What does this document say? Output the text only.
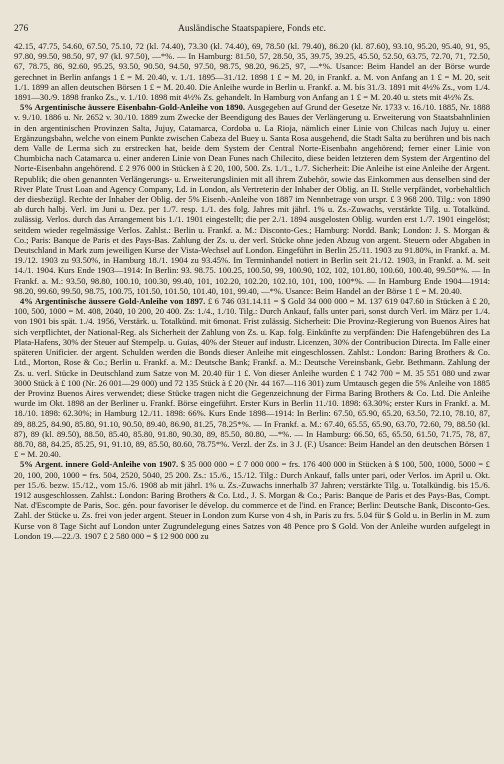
276	Ausländische Staatspapiere, Fonds etc.

42.15, 47.75, 54.60, 67.50, 75.10, 72 (kl. 74.40), 73.30 (kl. 74.40), 69, 78.50 (kl. 79.40), 86.20 (kl. 87.60), 93.10, 95.20, 95.40, 91, 95, 97.80, 99.50, 98.50, 97, 97 (kl. 97.50), —*%. — In Hamburg: 81.50, 57, 28.50, 35, 39.75, 39.25, 45.50, 52.50, 63.75, 72.70, 71, 72.50, 67, 78.75, 86, 92.60, 95.25, 93.50, 90.50, 94.50, 97.50, 98.75, 98.20, 96.25, 97, —*%. Usance: Beim Handel an der Börse wurde gerechnet in Berlin anfangs 1 £ = M. 20.40, v. 1./1. 1895—31./12. 1898 1 £ = M. 20, in Frankf. a. M. von Anfang an 1 £ = M. 20, seit 1./1. 1899 an allen deutschen Börsen 1 £ = M. 20.40. Die Anleihe wurde in Berlin u. Frankf. a. M. bis 31./3. 1891 mit 4½% Zs., vom 1./4. 1891—30./9. 1898 franko Zs., v. 1./10. 1898 mit 4½% Zs. gehandelt. In Hamburg von Anfang an 1 £ = M. 20.40 u. stets mit 4½% Zs.

5% Argentinische äussere Eisenbahn-Gold-Anleihe von 1890. Ausgegeben auf Grund der Gesetze Nr. 1733 v. 16./10. 1885, Nr. 1888 v. 9./10. 1886 u. Nr. 2652 v. 30./10. 1889 zum Zwecke der Beendigung des Baues der Verlängerung u. Erweiterung von Staatsbahnlinien in den argentinischen Provinzen Salta, Jujuy, Catamarca, Cordoba u. La Rioja, nämlich einer Linie von Chilcas nach Jujuy u. einer Ergänzungsbahn, welche von einem Punkte zwischen Cabeza del Buey u. Santa Rosa ausgehend, die Stadt Salta zu berühren und bis nach dem Valle de Lerma sich zu erstrecken hat, beide dem System der Central Norte-Eisenbahn angehörend; ferner einer Linie von Chumbicha nach Catamarca u. einer anderen Linie von Dean Funes nach Chilecito, diese beiden letzteren dem System der Argentino del Norte-Eisenbahn angehörend. £ 2 976 000 in Stücken à £ 20, 100, 500. Zs. 1./1., 1./7. Sicherheit: Die Anleihe ist eine Anleihe der Argent. Republik; die oben genannten Verlängerungs- u. Erweiterungslinien mit all ihrem Zubehör, sowie das Einkommen aus denselben sind der River Plate Trust Loan and Agency Company, Ld. in London, als Vertreterin der Inhaber der Oblig. an II. Stelle verpfändet, vorbehaltlich der diesbezügl. Rechte der Inhaber der Oblig. der 5% Eisenb.-Anleihe von 1887 im Nennbetrage von urspr. £ 3 968 200. Tilg.: von 1890 ab durch halbj. Verl. im Juni u. Dez. per 1./7. resp. 1./1. des folg. Jahres mit jährl. 1% u. Zs.-Zuwachs, verstärkte Tilg. u. Totalkünd. zulässig. Verlos. durch das Arrangement bis 1./1. 1901 eingestellt; die per 2./1. 1894 ausgelosten Oblig. wurden erst 1./7. 1901 eingelöst; seitdem wieder regelmässige Verlos. Zahlst.: Berlin u. Frankf. a. M.: Disconto-Ges.; Hamburg: Nordd. Bank; London: J. S. Morgan & Co.; Paris: Banque de Paris et des Pays-Bas. Zahlung der Zs. u. der verl. Stücke ohne jeden Abzug von argent. Steuern oder Abgaben in Deutschland in Mark zum jeweiligen Kurse der Vista-Wechsel auf London. Eingeführt in Berlin 25./11. 1903 zu 91.80%, in Frankf. a. M. 19./12. 1903 zu 93.50%, in Hamburg 18./1. 1904 zu 93.45%. Im Terminhandel notiert in Berlin seit 21./12. 1903, in Frankf. a. M. seit 14./1. 1904. Kurs Ende 1903—1914: In Berlin: 93. 98.75. 100.25, 100.50, 99, 100.90, 102, 102, 101.80, 100.60, 100.40, 99.50*%. — In Frankf. a. M.: 93.50, 98.80, 100.10, 100.30, 99.40, 101, 102.20, 102.20, 102.10, 101, 100, 100*%. — In Hamburg Ende 1904—1914: 98.20, 99.60, 99.50, 98.75, 100.75, 101.50, 101.50, 101.40, 101, 99.40, —*%. Usance: Beim Handel an der Börse 1 £ = M. 20.40.

4% Argentinische äussere Gold-Anleihe von 1897. £ 6 746 031.14.11 = $ Gold 34 000 000 = M. 137 619 047.60 in Stücken à £ 20, 100, 500, 1000 = M. 408, 2040, 10 200, 20 400. Zs: 1./4., 1./10. Tilg.: Durch Ankauf, falls unter pari, sonst durch Verl. im März per 1./4. von 1901 bis spät. 1./4. 1956, Verstärk. u. Totalkünd. mit 6monat. Frist zulässig. Sicherheit: Die Provinz-Regierung von Buenos Aires hat sich verpflichtet, der National-Reg. als Sicherheit der Zahlung von Zs. u. Kap. folg. Einkünfte zu verpfänden: Die Hafengebühren des La Plata-Hafens, 30% der Steuer auf Stempelp. u. Guias, 40% der Steuer auf industr. Licenzen, 30% der Contribucion Directa. Im Falle einer späteren Unificier. der argent. Schulden werden die Bonds dieser Anleihe mit eingeschlossen. Zahlst.: London: Baring Brothers & Co. Ltd., Morton, Rose & Co.; Berlin u. Frankf. a. M.: Deutsche Bank; Frankf. a. M.: Deutsche Vereinsbank, Gebr. Bethmann. Zahlung der Zs. u. verl. Stücke in Deutschland zum Satze von M. 20.40 für 1 £. Von dieser Anleihe wurden £ 1 742 700 = M. 35 551 080 und zwar 3000 Stück à £ 100 (Nr. 26 001—29 000) und 72 135 Stück à £ 20 (Nr. 44 167—116 301) zum Umtausch gegen die 5% Anleihe von 1885 der Provinz Buenos Aires verwendet; diese Stücke tragen nicht die Gegenzeichnung der Firma Baring Brothers & Co. Ltd. Die Anleihe wurde im Okt. 1898 an der Berliner u. Frankf. Börse eingeführt. Erster Kurs in Berlin 11./10. 1898: 63.30%; erster Kurs in Frankf. a. M. 18./10. 1898: 62.30%; in Hamburg 12./11. 1898: 66%. Kurs Ende 1898—1914: In Berlin: 67.50, 65.90, 65.20, 63.50, 72.10, 78.10, 87, 89, 88.25, 84.90, 85.80, 91.10, 90.50, 89.40, 86.90, 81.25, 78.25*%. — In Frankf. a. M.: 67.40, 65.55, 65.90, 63.70, 72.60, 79, 88.50 (kl. 87), 89 (kl. 89.50), 88.50, 85.40, 85.80, 91.80, 90.30, 89, 85.50, 80.80, —*%. — In Hamburg: 66.50, 65, 65.50, 61.50, 71.75, 78, 87, 88.70, 88, 84.25, 85.25, 91, 91.10, 89, 85.50, 80.60, 78.75*%. Verzl. der Zs. in 3 J. (F.) Usance: Beim Handel an den deutschen Börsen 1 £ = M. 20.40.

5% Argent. innere Gold-Anleihe von 1907. $ 35 000 000 = £ 7 000 000 = frs. 176 400 000 in Stücken à $ 100, 500, 1000, 5000 = £ 20, 100, 200, 1000 = frs. 504, 2520, 5040, 25 200. Zs.: 15./6., 15./12. Tilg.: Durch Ankauf, falls unter pari, oder Verlos. im April u. Okt. per 15./6. bezw. 15./12., vom 15./6. 1908 ab mit jährl. 1% u. Zs.-Zuwachs innerhalb 37 Jahren; verstärkte Tilg. u. Totalkündig. bis 15./6. 1912 ausgeschlossen. Zahlst.: London: Baring Brothers & Co. Ltd., J. S. Morgan & Co.; Paris: Banque de Paris et des Pays-Bas, Compt. Nat. d'Escompte de Paris, Soc. gén. pour favoriser le dévelop. du commerce et de l'ind. en France; Berlin: Deutsche Bank, Disconto-Ges. Zahl. der Stücke u. Zs. frei von jeder argent. Steuer in London zum Kurse von 4 sh, in Paris zu frs. 5.04 für $ Gold u. in Berlin in M. zum Kurse von 8 Tage Sicht auf London unter Zugrundelegung eines Satzes von 48 Pence pro $ Gold. Von der Anleihe wurden aufgelegt in London 19.—22./3. 1907 £ 2 580 000 = $ 12 900 000 zu
